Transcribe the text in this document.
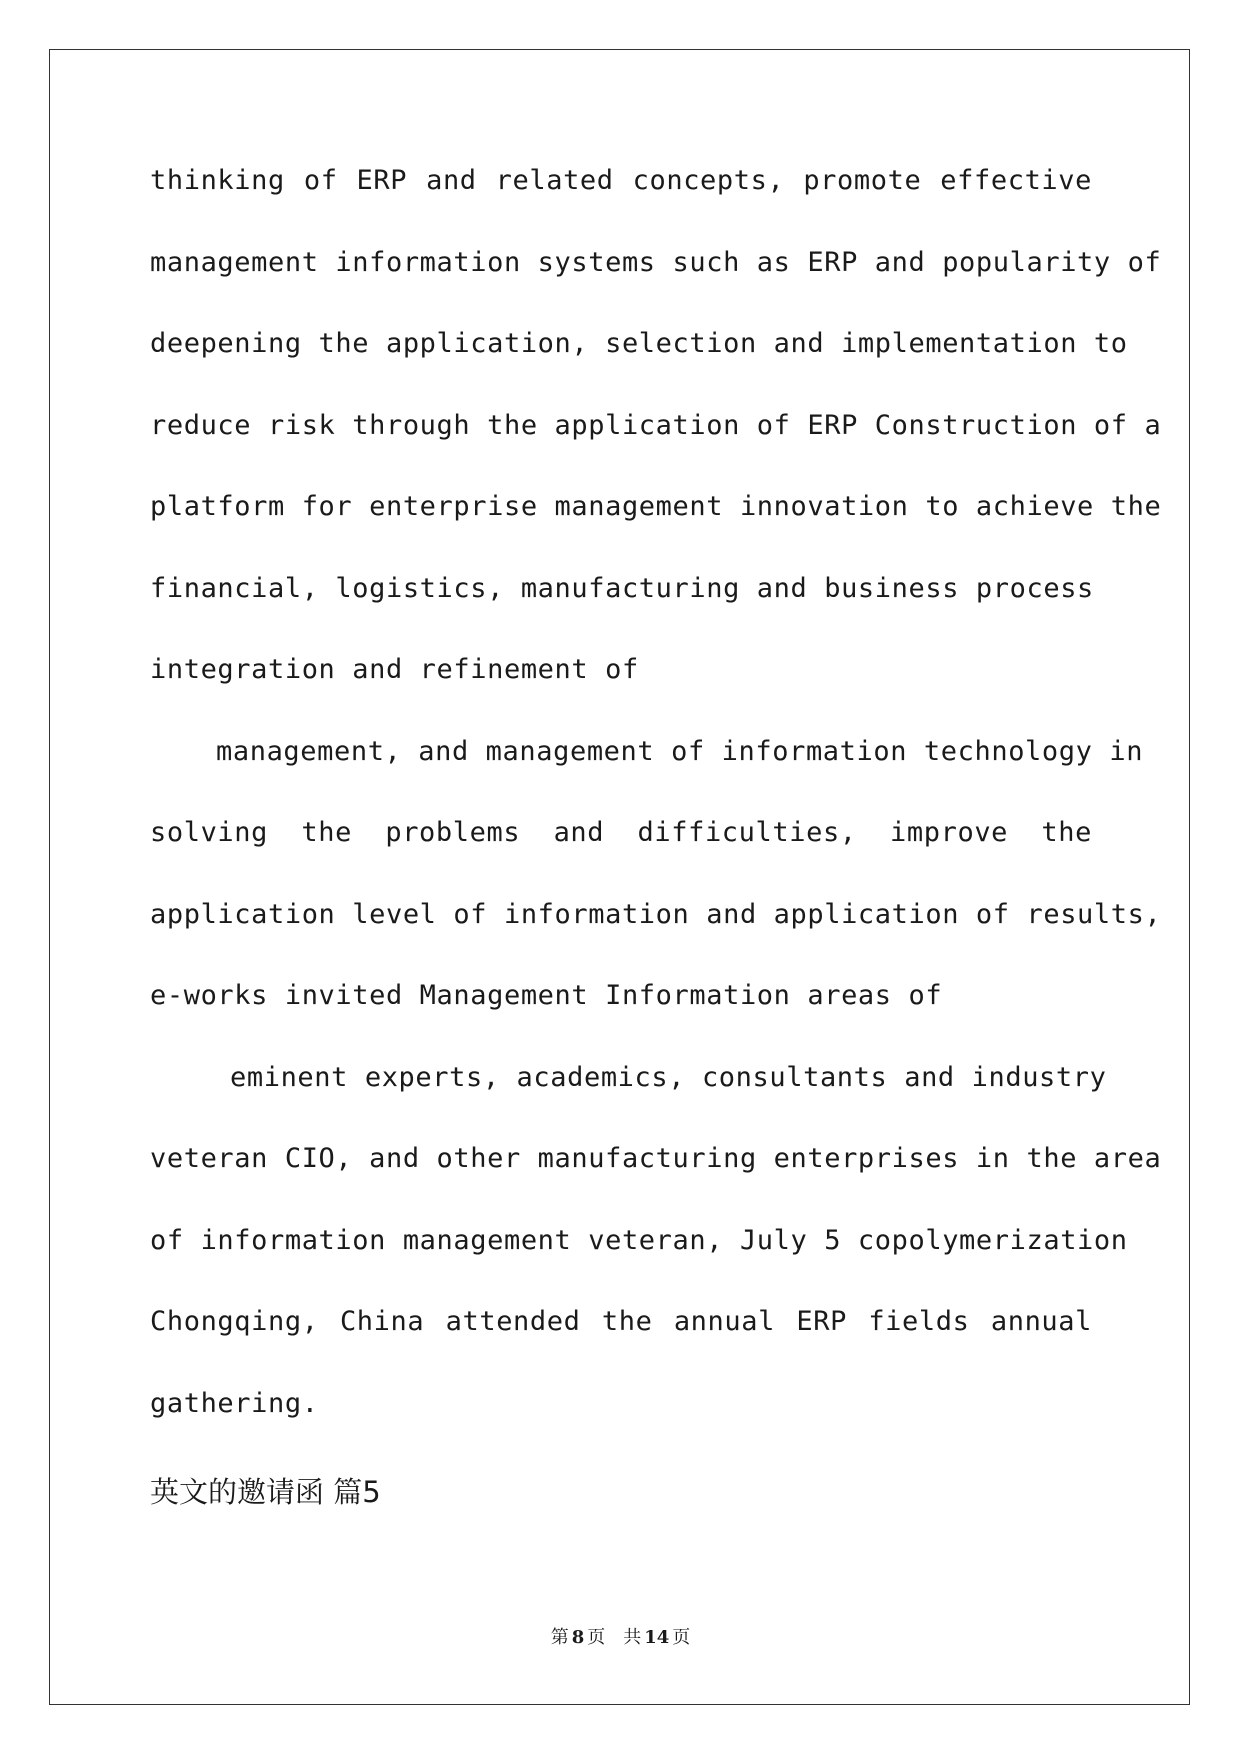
thinking of ERP and related concepts, promote effective
management information systems such as ERP and popularity of
deepening the application, selection and implementation to
reduce risk through the application of ERP Construction of a
platform for enterprise management innovation to achieve the
financial, logistics, manufacturing and business process
integration and refinement of
management, and management of information technology in
solving the problems and difficulties, improve the
application level of information and application of results,
e-works invited Management Information areas of
eminent experts, academics, consultants and industry
veteran CIO, and other manufacturing enterprises in the area
of information management veteran, July 5 copolymerization
Chongqing, China attended the annual ERP fields annual
gathering.
英文的邀请函 篇5
第 8 页 共 14 页
